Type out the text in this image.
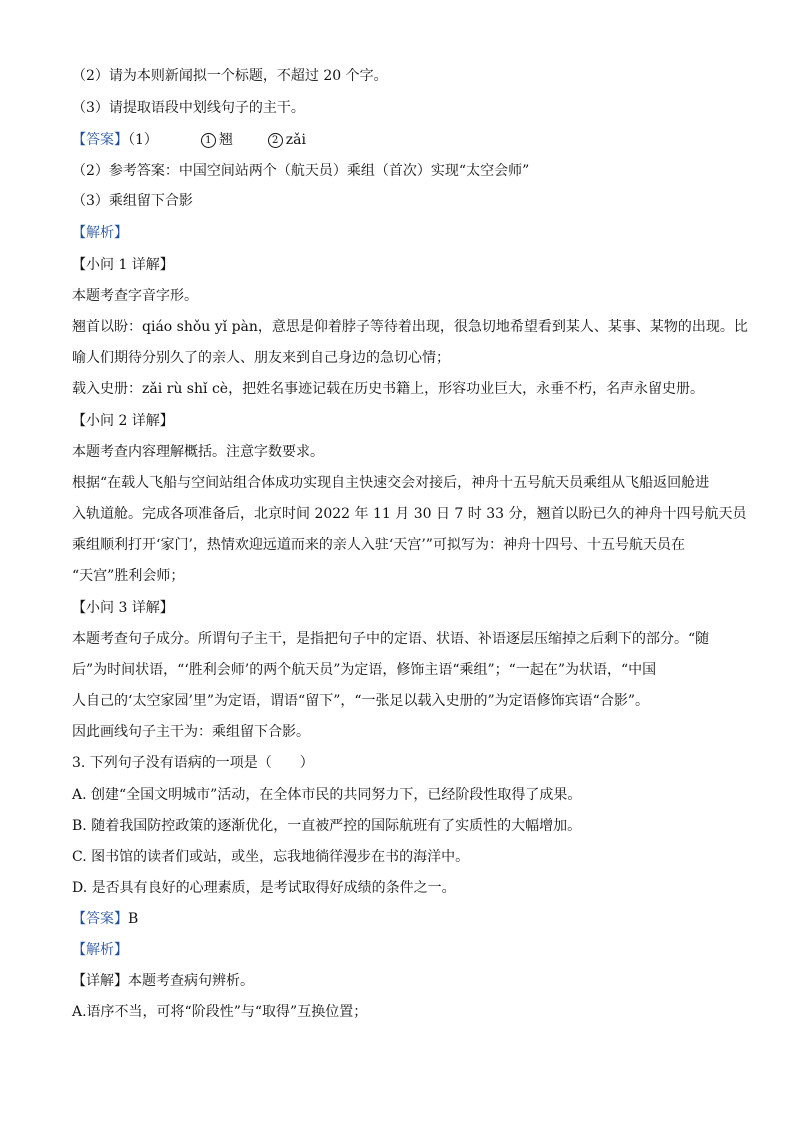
（2）请为本则新闻拟一个标题，不超过 20 个字。
（3）请提取语段中划线句子的主干。
【答案】（1）	1 翘	2 zǎi
（2）参考答案：中国空间站两个（航天员）乘组（首次）实现“太空会师”
（3）乘组留下合影
【解析】
【小问 1 详解】
本题考查字音字形。
翘首以盼：qiáo shǒu yǐ pàn，意思是仰着脖子等待着出现，很急切地希望看到某人、某事、某物的出现。比
喻人们期待分别久了的亲人、朋友来到自己身边的急切心情；
载入史册：zǎi rù shǐ cè，把姓名事迹记载在历史书籍上，形容功业巨大，永垂不朽，名声永留史册。
【小问 2 详解】
本题考查内容理解概括。注意字数要求。
根据“在载人飞船与空间站组合体成功实现自主快速交会对接后，神舟十五号航天员乘组从飞船返回舱进
入轨道舱。完成各项准备后，北京时间 2022 年 11 月 30 日 7 时 33 分，翘首以盼已久的神舟十四号航天员
乘组顺利打开‘家门’，热情欢迎远道而来的亲人入驻‘天宫’”可拟写为：神舟十四号、十五号航天员在
“天宫”胜利会师；
【小问 3 详解】
本题考查句子成分。所谓句子主干，是指把句子中的定语、状语、补语逐层压缩掉之后剩下的部分。“随
后”为时间状语，“‘胜利会师’的两个航天员”为定语，修饰主语“乘组”；“一起在”为状语，“中国
人自己的‘太空家园’里”为定语，谓语“留下”，“一张足以载入史册的”为定语修饰宾语“合影”。
因此画线句子主干为：乘组留下合影。
3. 下列句子没有语病的一项是（　　）
A. 创建“全国文明城市”活动，在全体市民的共同努力下，已经阶段性取得了成果。
B. 随着我国防控政策的逐渐优化，一直被严控的国际航班有了实质性的大幅增加。
C. 图书馆的读者们或站，或坐，忘我地徜徉漫步在书的海洋中。
D. 是否具有良好的心理素质，是考试取得好成绩的条件之一。
【答案】B
【解析】
【详解】本题考查病句辨析。
A.语序不当，可将“阶段性”与“取得”互换位置；
